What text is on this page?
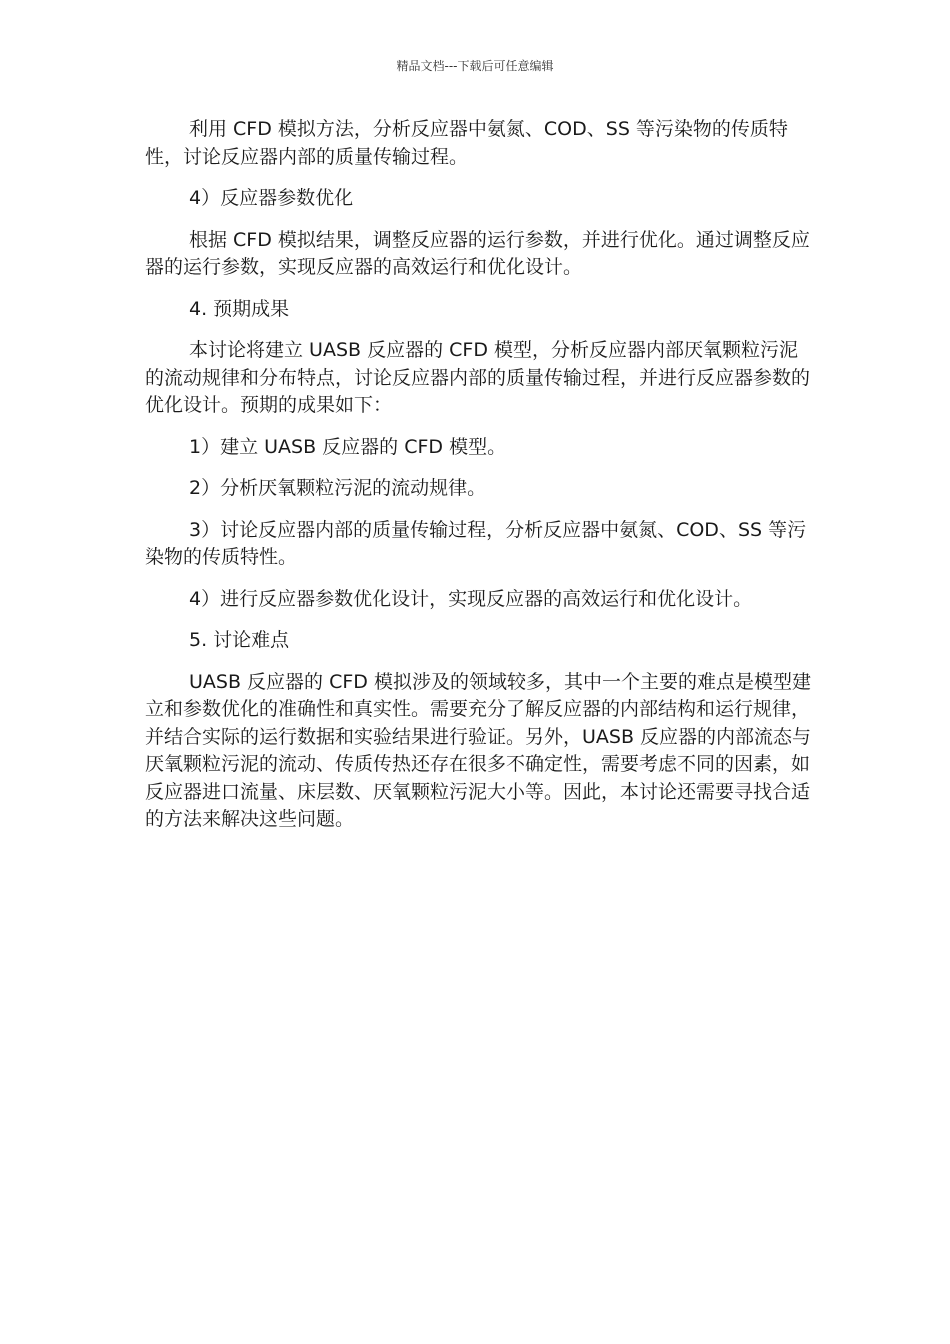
精品文档---下载后可任意编辑

利用 CFD 模拟方法，分析反应器中氨氮、COD、SS 等污染物的传质特性，讨论反应器内部的质量传输过程。

4）反应器参数优化

根据 CFD 模拟结果，调整反应器的运行参数，并进行优化。通过调整反应器的运行参数，实现反应器的高效运行和优化设计。

4. 预期成果

本讨论将建立 UASB 反应器的 CFD 模型，分析反应器内部厌氧颗粒污泥的流动规律和分布特点，讨论反应器内部的质量传输过程，并进行反应器参数的优化设计。预期的成果如下：

1）建立 UASB 反应器的 CFD 模型。

2）分析厌氧颗粒污泥的流动规律。

3）讨论反应器内部的质量传输过程，分析反应器中氨氮、COD、SS 等污染物的传质特性。

4）进行反应器参数优化设计，实现反应器的高效运行和优化设计。

5. 讨论难点

UASB 反应器的 CFD 模拟涉及的领域较多，其中一个主要的难点是模型建立和参数优化的准确性和真实性。需要充分了解反应器的内部结构和运行规律，并结合实际的运行数据和实验结果进行验证。另外，UASB 反应器的内部流态与厌氧颗粒污泥的流动、传质传热还存在很多不确定性，需要考虑不同的因素，如反应器进口流量、床层数、厌氧颗粒污泥大小等。因此，本讨论还需要寻找合适的方法来解决这些问题。
